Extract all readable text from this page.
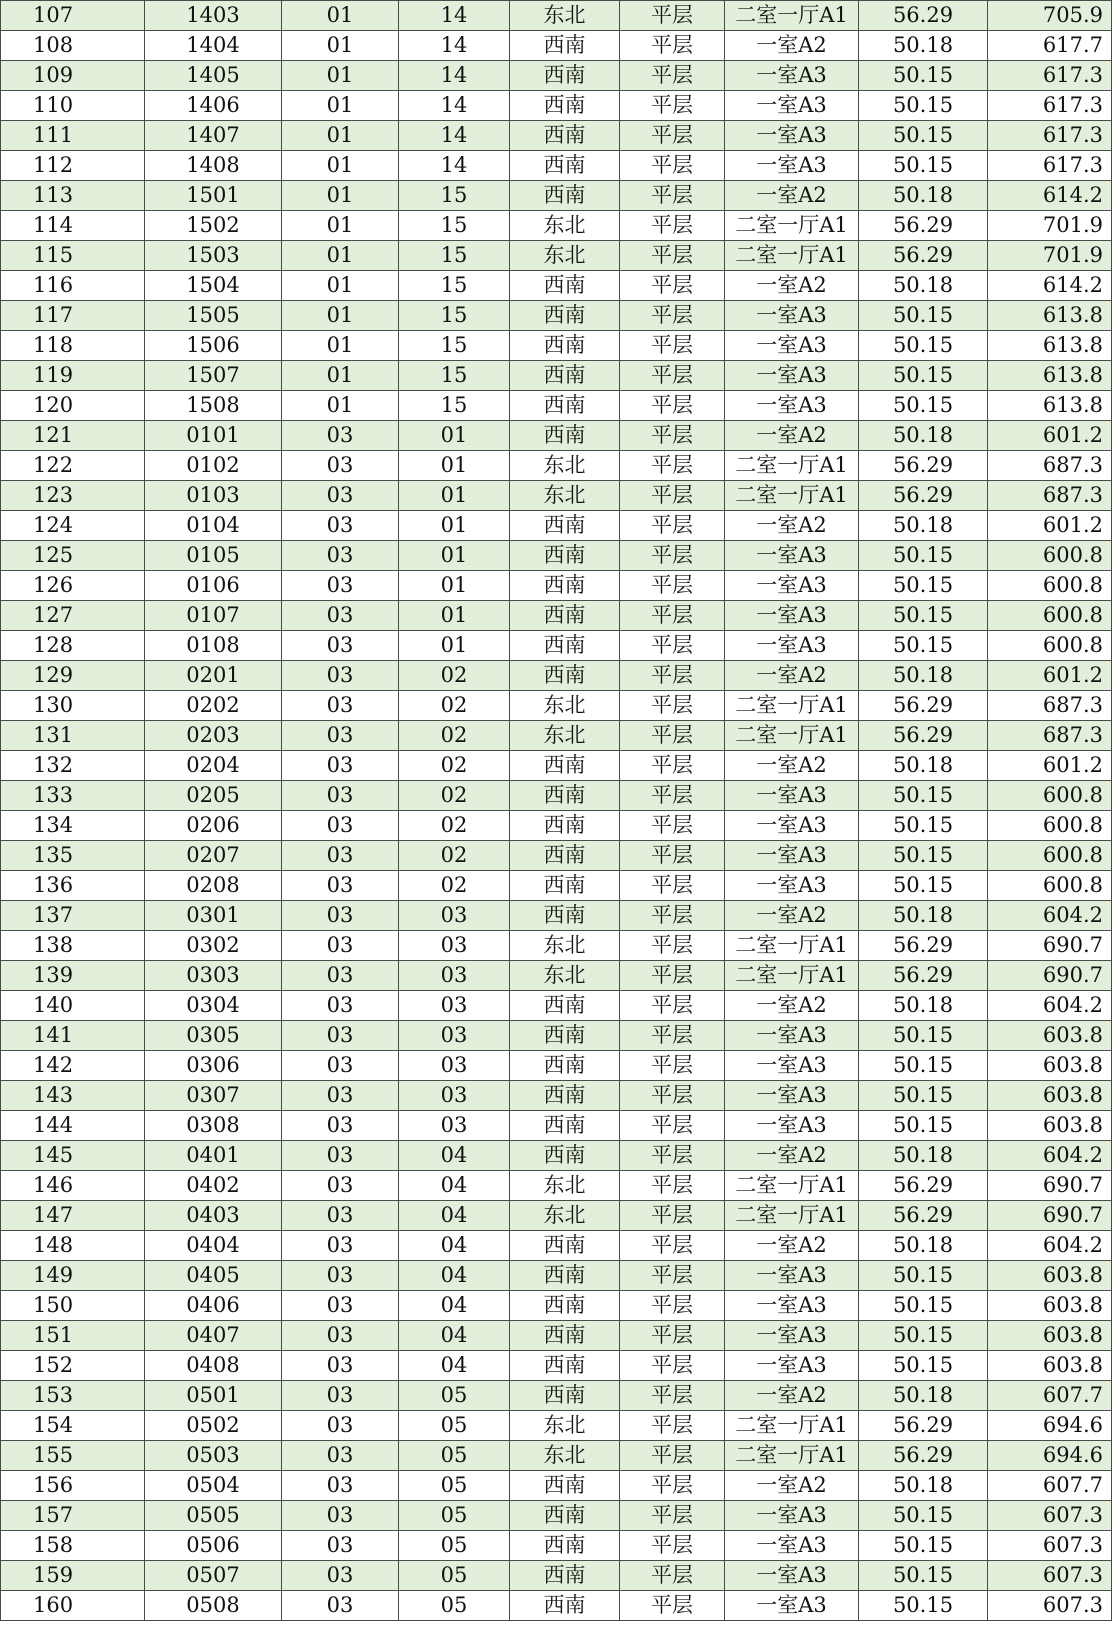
107	1403	01	14	东北	平层	二室一厅A1	56.29	705.9
108	1404	01	14	西南	平层	一室A2	50.18	617.7
109	1405	01	14	西南	平层	一室A3	50.15	617.3
110	1406	01	14	西南	平层	一室A3	50.15	617.3
111	1407	01	14	西南	平层	一室A3	50.15	617.3
112	1408	01	14	西南	平层	一室A3	50.15	617.3
113	1501	01	15	西南	平层	一室A2	50.18	614.2
114	1502	01	15	东北	平层	二室一厅A1	56.29	701.9
115	1503	01	15	东北	平层	二室一厅A1	56.29	701.9
116	1504	01	15	西南	平层	一室A2	50.18	614.2
117	1505	01	15	西南	平层	一室A3	50.15	613.8
118	1506	01	15	西南	平层	一室A3	50.15	613.8
119	1507	01	15	西南	平层	一室A3	50.15	613.8
120	1508	01	15	西南	平层	一室A3	50.15	613.8
121	0101	03	01	西南	平层	一室A2	50.18	601.2
122	0102	03	01	东北	平层	二室一厅A1	56.29	687.3
123	0103	03	01	东北	平层	二室一厅A1	56.29	687.3
124	0104	03	01	西南	平层	一室A2	50.18	601.2
125	0105	03	01	西南	平层	一室A3	50.15	600.8
126	0106	03	01	西南	平层	一室A3	50.15	600.8
127	0107	03	01	西南	平层	一室A3	50.15	600.8
128	0108	03	01	西南	平层	一室A3	50.15	600.8
129	0201	03	02	西南	平层	一室A2	50.18	601.2
130	0202	03	02	东北	平层	二室一厅A1	56.29	687.3
131	0203	03	02	东北	平层	二室一厅A1	56.29	687.3
132	0204	03	02	西南	平层	一室A2	50.18	601.2
133	0205	03	02	西南	平层	一室A3	50.15	600.8
134	0206	03	02	西南	平层	一室A3	50.15	600.8
135	0207	03	02	西南	平层	一室A3	50.15	600.8
136	0208	03	02	西南	平层	一室A3	50.15	600.8
137	0301	03	03	西南	平层	一室A2	50.18	604.2
138	0302	03	03	东北	平层	二室一厅A1	56.29	690.7
139	0303	03	03	东北	平层	二室一厅A1	56.29	690.7
140	0304	03	03	西南	平层	一室A2	50.18	604.2
141	0305	03	03	西南	平层	一室A3	50.15	603.8
142	0306	03	03	西南	平层	一室A3	50.15	603.8
143	0307	03	03	西南	平层	一室A3	50.15	603.8
144	0308	03	03	西南	平层	一室A3	50.15	603.8
145	0401	03	04	西南	平层	一室A2	50.18	604.2
146	0402	03	04	东北	平层	二室一厅A1	56.29	690.7
147	0403	03	04	东北	平层	二室一厅A1	56.29	690.7
148	0404	03	04	西南	平层	一室A2	50.18	604.2
149	0405	03	04	西南	平层	一室A3	50.15	603.8
150	0406	03	04	西南	平层	一室A3	50.15	603.8
151	0407	03	04	西南	平层	一室A3	50.15	603.8
152	0408	03	04	西南	平层	一室A3	50.15	603.8
153	0501	03	05	西南	平层	一室A2	50.18	607.7
154	0502	03	05	东北	平层	二室一厅A1	56.29	694.6
155	0503	03	05	东北	平层	二室一厅A1	56.29	694.6
156	0504	03	05	西南	平层	一室A2	50.18	607.7
157	0505	03	05	西南	平层	一室A3	50.15	607.3
158	0506	03	05	西南	平层	一室A3	50.15	607.3
159	0507	03	05	西南	平层	一室A3	50.15	607.3
160	0508	03	05	西南	平层	一室A3	50.15	607.3
